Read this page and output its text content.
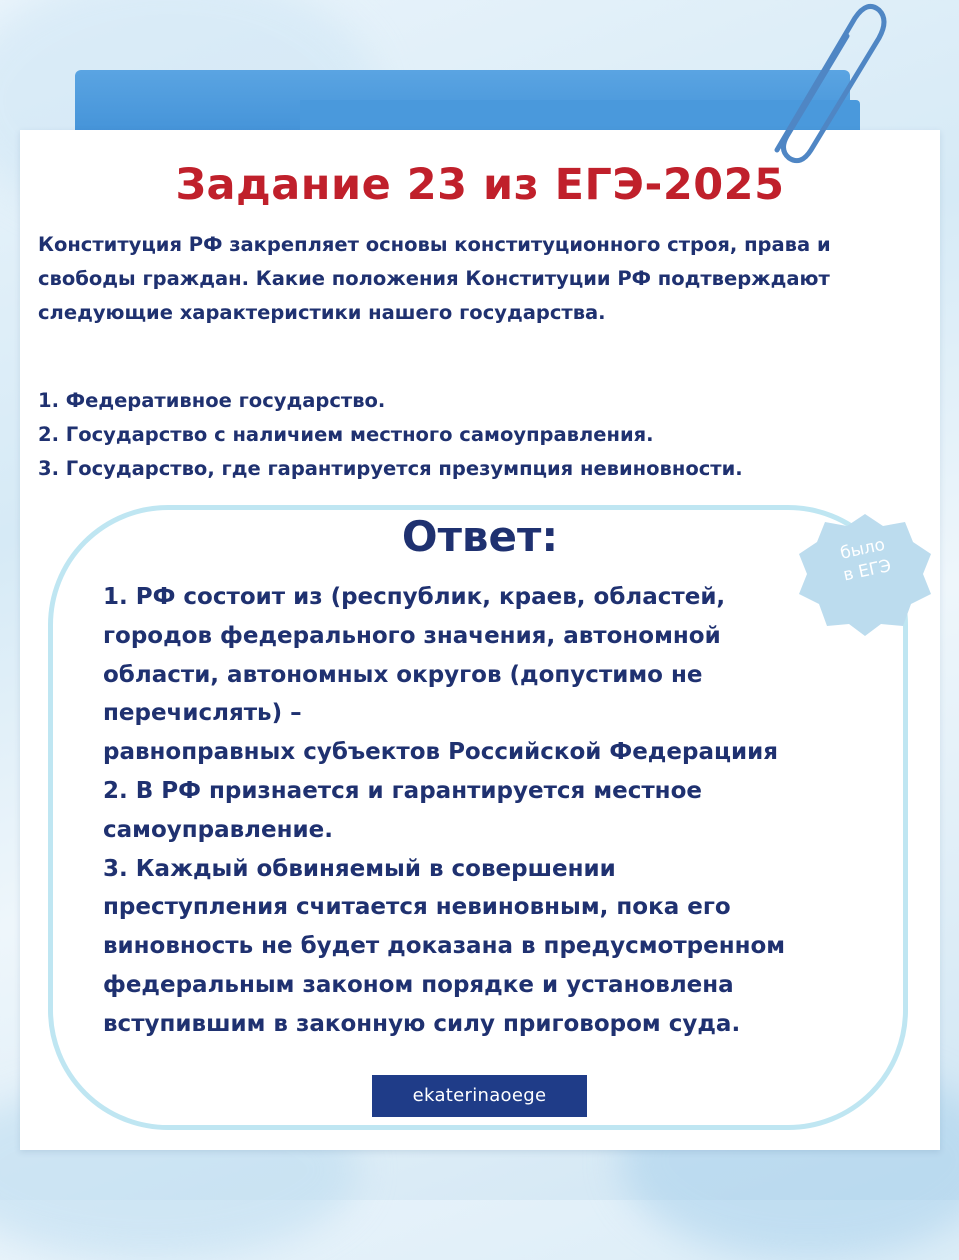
Задание 23 из ЕГЭ-2025

Конституция РФ закрепляет основы конституционного строя, права и свободы граждан. Какие положения Конституции РФ подтверждают следующие характеристики нашего государства.

1. Федеративное государство.
2. Государство с наличием местного самоуправления.
3. Государство, где гарантируется презумпция невиновности.
Ответ:

1. РФ состоит из (республик, краев, областей,

городов федерального значения, автономной

области, автономных округов (допустимо не

перечислять) –

равноправных субъектов Российской Федерациия

2. В РФ признается и гарантируется местное

самоуправление.

3. Каждый обвиняемый в совершении

преступления считается невиновным, пока его

виновность не будет доказана в предусмотренном

федеральным законом порядке и установлена

вступившим в законную силу приговором суда.

было
в ЕГЭ
ekaterinaoege
